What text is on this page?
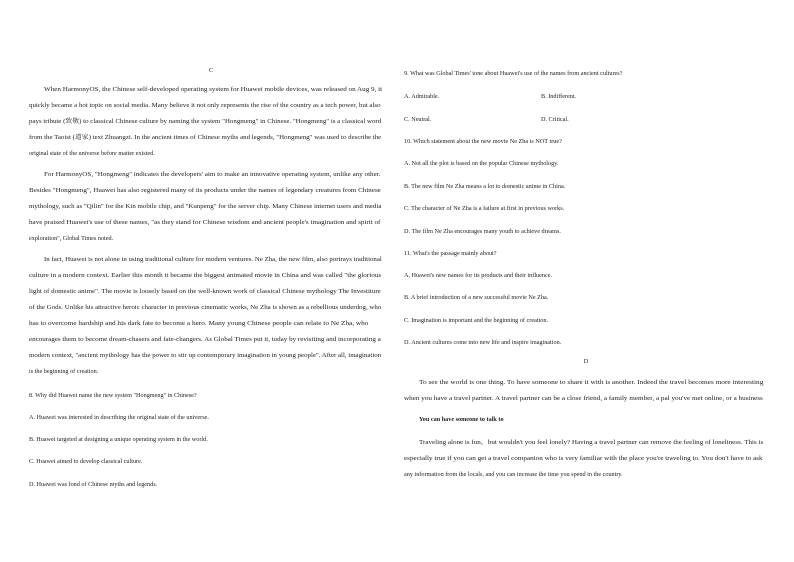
C
When HarmonyOS, the Chinese self-developed operating system for Huawei mobile devices, was released on Aug 9, it
quickly became a hot topic on social media. Many believe it not only represents the rise of the country as a tech power, but also
pays tribute (致敬) to classical Chinese culture by naming the system "Hongmeng" in Chinese. "Hongmeng" is a classical word
from the Taoist (道家) text Zhuangzi. In the ancient times of Chinese myths and legends, "Hongmeng" was used to describe the
original state of the universe before matter existed.
For HarmonyOS, "Hongmeng" indicates the developers' aim to make an innovative operating system, unlike any other.
Besides "Hongmeng", Huawei has also registered many of its products under the names of legendary creatures from Chinese
mythology, such as "Qilin" for the Kin mobile chip, and "Kunpeng" for the server chip. Many Chinese internet users and media
have praised Huawei's use of these names, "as they stand for Chinese wisdom and ancient people's imagination and spirit of
exploration", Global Times noted.
In fact, Huawei is not alone in using traditional culture for modern ventures. Ne Zha, the new film, also portrays traditional
culture in a modern context. Earlier this month it became the biggest animated movie in China and was called "the glorious
light of domestic anime". The movie is loosely based on the well-known work of classical Chinese mythology The Investiture
of the Gods. Unlike his attractive heroic character in previous cinematic works, Ne Zha is shown as a rebellious underdog, who
has to overcome hardship and his dark fate to become a hero. Many young Chinese people can relate to Ne Zha, who
encourages them to become dream-chasers and fate-changers. As Global Times put it, today by revisiting and incorporating a
modern context, "ancient mythology has the power to stir up contemporary imagination in young people". After all, imagination
is the beginning of creation.
8. Why did Huawei name the new system "Hongmeng" in Chinese?
A. Huawei was interested in describing the original state of the universe.
B. Huawei targeted at designing a unique operating system in the world.
C. Huawei aimed to develop classical culture.
D. Huawei was fond of Chinese myths and legends.
9. What was Global Times' tone about Huawei's use of the names from ancient cultures?
A. Admirable.	B. Indifferent.
C. Neutral.	D. Critical.
10. Which statement about the new movie Ne Zha is NOT true?
A. Not all the plot is based on the popular Chinese mythology.
B. The new film Ne Zha means a lot to domestic anime in China.
C. The character of Ne Zha is a failure at first in previous works.
D. The film Ne Zha encourages many youth to achieve dreams.
11. What's the passage mainly about?
A. Huawei's new names for its products and their influence.
B. A brief introduction of a new successful movie Ne Zha.
C. Imagination is important and the beginning of creation.
D. Ancient cultures come into new life and inspire imagination.
D
To see the world is one thing. To have someone to share it with is another. Indeed the travel becomes more interesting
when you have a travel partner. A travel partner can be a close friend, a family member, a pal you've met online, or a business
You can have someone to talk to
Traveling alone is fun，but wouldn't you feel lonely? Having a travel partner can remove the feeling of loneliness. This is
especially true if you can get a travel companion who is very familiar with the place you're traveling to. You don't have to ask
any information from the locals, and you can increase the time you spend in the country.
